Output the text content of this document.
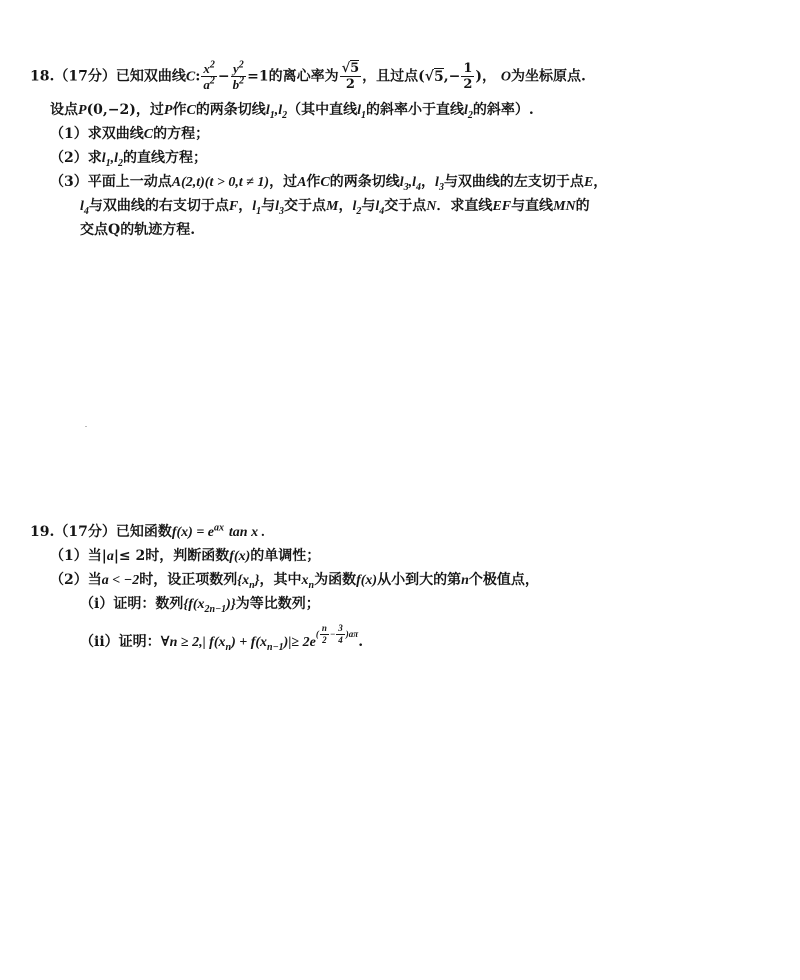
18.（17分）已知双曲线C: $\frac{x^2}{a^2} - \frac{y^2}{b^2} =1$的离心率为 $\frac{√5}{2}$ ，且过点($√5,- \frac{1}{2}$ )， O为坐标原点.
设点P(0,−2)，过P作C的两条切线$l_1,l_2$（其中直线$l_1$的斜率小于直线$l_2$的斜率）.
（1）求双曲线C的方程；
（2）求$l_1,l_2$的直线方程；
（3）平面上一动点A(2,t)(t > 0,t ≠ 1)，过A作C的两条切线$l_3,l_4$，$l_3$与双曲线的左支切于点E，
$l_4$与双曲线的右支切于点F，$l_1$与$l_3$交于点M，$l_2$与$l_4$交于点N．求直线EF与直线MN的
交点Q的轨迹方程.
19.（17分）已知函数$f(x) = e^{ax}$ tan x .
（1）当|a|≤ 2时，判断函数f(x)的单调性；
（2）当a < −2时，设正项数列$\{x_n\}$，其中$x_n$为函数f(x)从小到大的第n个极值点，
（i）证明：数列$\{f(x_{2n-1})\}$为等比数列；
（ii）证明：∀n ≥ 2,| $f(x_n) + f(x_{n-1})|\ge 2e^{( \frac{n}{2} - \frac{3}{4} )a\pi}$.
